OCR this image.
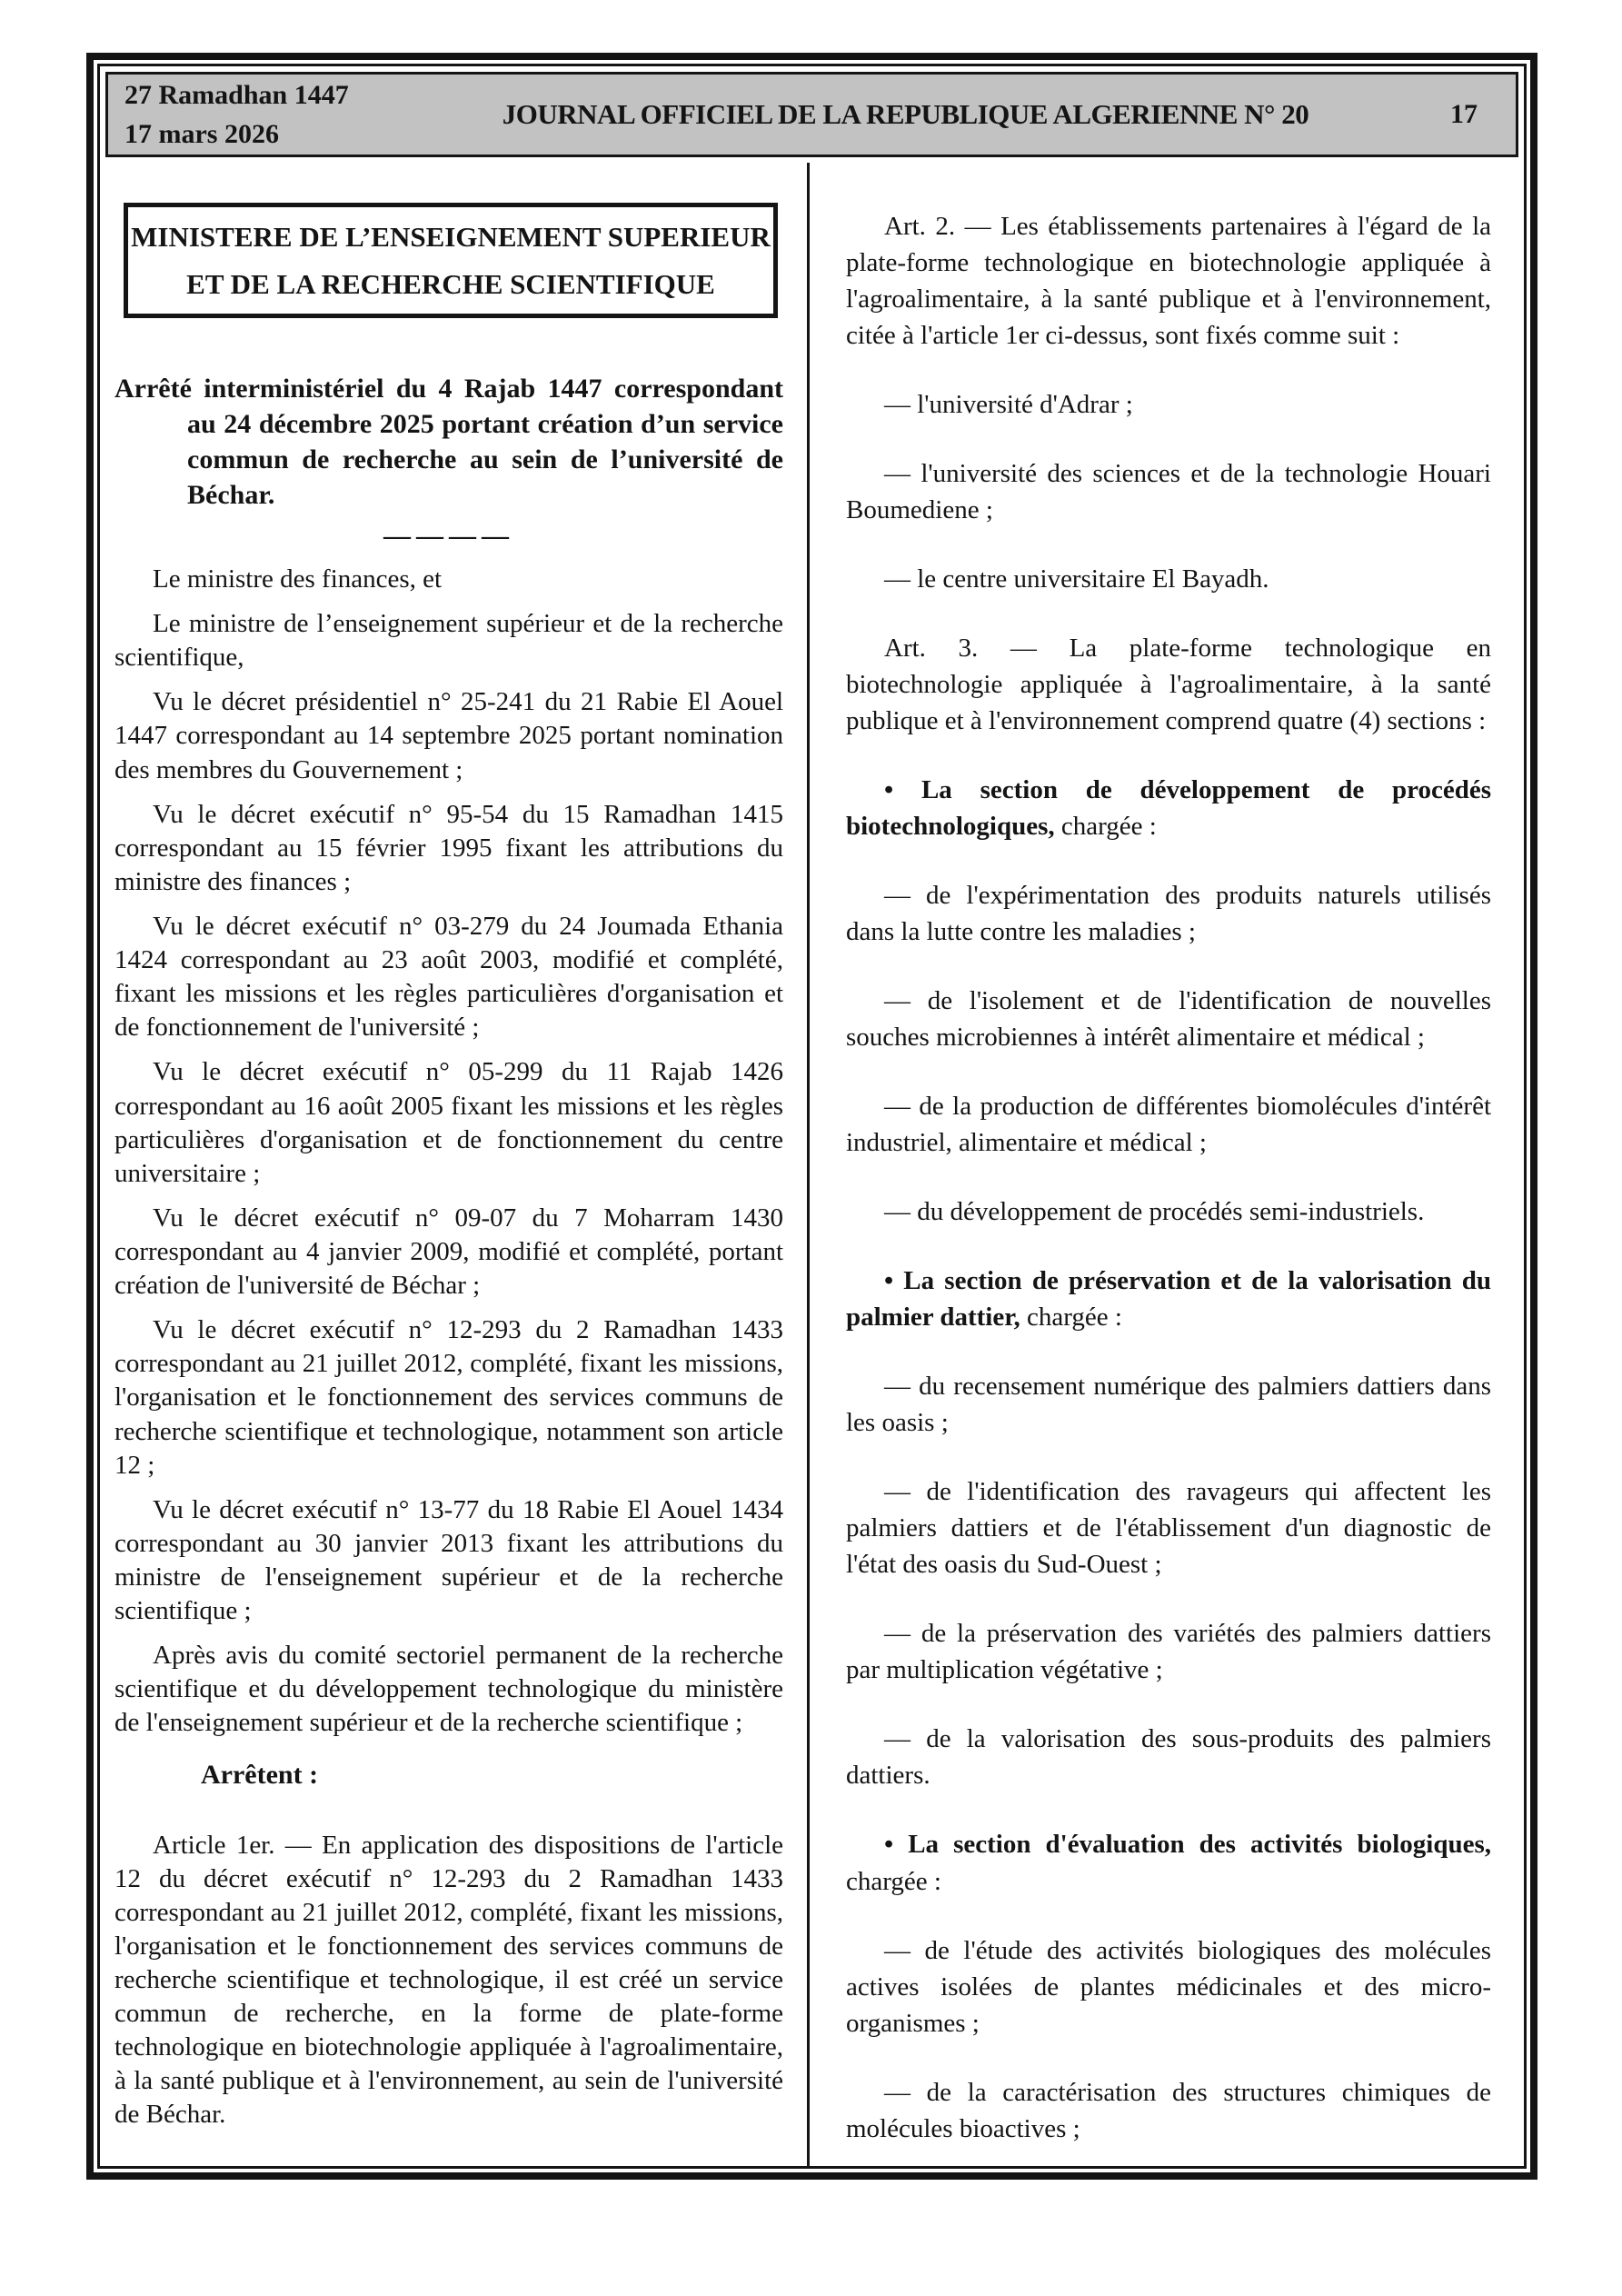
27 Ramadhan 1447
17 mars 2026
JOURNAL OFFICIEL DE LA REPUBLIQUE ALGERIENNE N° 20	17
MINISTERE DE L’ENSEIGNEMENT SUPERIEUR
ET DE LA RECHERCHE SCIENTIFIQUE

Arrêté interministériel du 4 Rajab 1447 correspondant au 24 décembre 2025 portant création d’un service commun de recherche au sein de l’université de Béchar.

————

Le ministre des finances, et

Le ministre de l’enseignement supérieur et de la recherche scientifique,

Vu le décret présidentiel n° 25-241 du 21 Rabie El Aouel 1447 correspondant au 14 septembre 2025 portant nomination des membres du Gouvernement ;

Vu le décret exécutif n° 95-54 du 15 Ramadhan 1415 correspondant au 15 février 1995 fixant les attributions du ministre des finances ;

Vu le décret exécutif n° 03-279 du 24 Joumada Ethania 1424 correspondant au 23 août 2003, modifié et complété, fixant les missions et les règles particulières d'organisation et de fonctionnement de l'université ;

Vu le décret exécutif n° 05-299 du 11 Rajab 1426 correspondant au 16 août 2005 fixant les missions et les règles particulières d'organisation et de fonctionnement du centre universitaire ;

Vu le décret exécutif n° 09-07 du 7 Moharram 1430 correspondant au 4 janvier 2009, modifié et complété, portant création de l'université de Béchar ;

Vu le décret exécutif n° 12-293 du 2 Ramadhan 1433 correspondant au 21 juillet 2012, complété, fixant les missions, l'organisation et le fonctionnement des services communs de recherche scientifique et technologique, notamment son article 12 ;

Vu le décret exécutif n° 13-77 du 18 Rabie El Aouel 1434 correspondant au 30 janvier 2013 fixant les attributions du ministre de l'enseignement supérieur et de la recherche scientifique ;

Après avis du comité sectoriel permanent de la recherche scientifique et du développement technologique du ministère de l'enseignement supérieur et de la recherche scientifique ;

Arrêtent :

Article 1er. — En application des dispositions de l'article 12 du décret exécutif n° 12-293 du 2 Ramadhan 1433 correspondant au 21 juillet 2012, complété, fixant les missions, l'organisation et le fonctionnement des services communs de recherche scientifique et technologique, il est créé un service commun de recherche, en la forme de plate-forme technologique en biotechnologie appliquée à l'agroalimentaire, à la santé publique et à l'environnement, au sein de l'université de Béchar.

Art. 2. — Les établissements partenaires à l'égard de la plate-forme technologique en biotechnologie appliquée à l'agroalimentaire, à la santé publique et à l'environnement, citée à l'article 1er ci-dessus, sont fixés comme suit :

— l'université d'Adrar ;

— l'université des sciences et de la technologie Houari Boumediene ;

— le centre universitaire El Bayadh.

Art. 3. — La plate-forme technologique en biotechnologie appliquée à l'agroalimentaire, à la santé publique et à l'environnement comprend quatre (4) sections :

• La section de développement de procédés biotechnologiques, chargée :

— de l'expérimentation des produits naturels utilisés dans la lutte contre les maladies ;

— de l'isolement et de l'identification de nouvelles souches microbiennes à intérêt alimentaire et médical ;

— de la production de différentes biomolécules d'intérêt industriel, alimentaire et médical ;

— du développement de procédés semi-industriels.

• La section de préservation et de la valorisation du palmier dattier, chargée :

— du recensement numérique des palmiers dattiers dans les oasis ;

— de l'identification des ravageurs qui affectent les palmiers dattiers et de l'établissement d'un diagnostic de l'état des oasis du Sud-Ouest ;

— de la préservation des variétés des palmiers dattiers par multiplication végétative ;

— de la valorisation des sous-produits des palmiers dattiers.

• La section d'évaluation des activités biologiques, chargée :

— de l'étude des activités biologiques des molécules actives isolées de plantes médicinales et des micro-organismes ;

— de la caractérisation des structures chimiques de molécules bioactives ;
